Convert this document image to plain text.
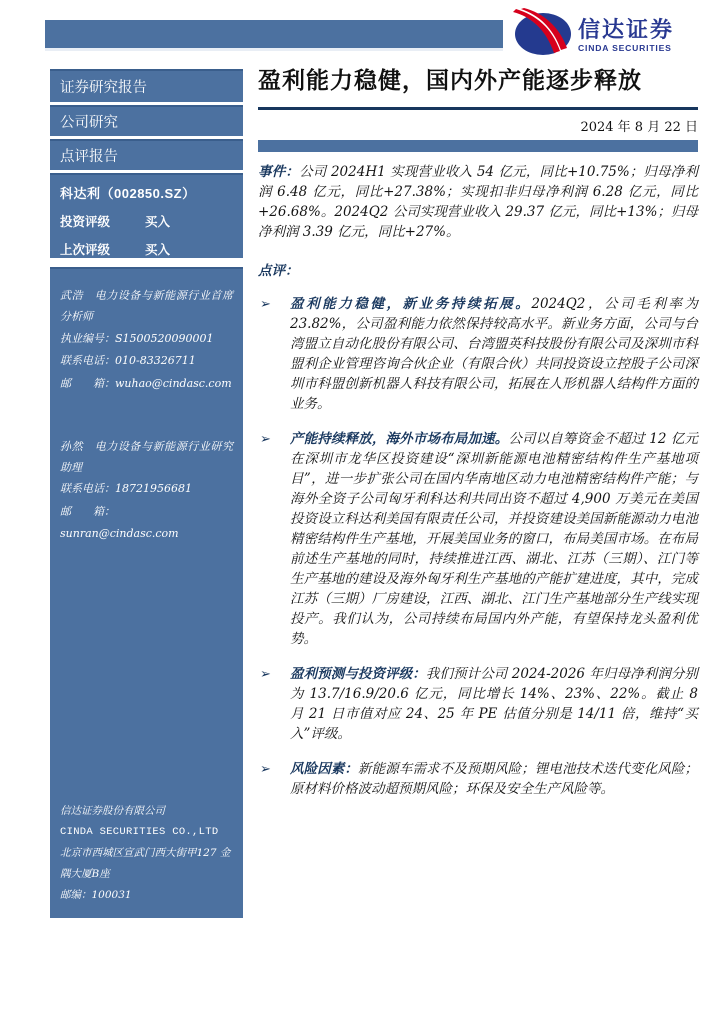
信达证券
CINDA SECURITIES
证券研究报告
公司研究
点评报告
科达利（002850.SZ）
投资评级	买入
上次评级	买入
武浩　电力设备与新能源行业首席分析师
执业编号：S1500520090001
联系电话：010-83326711
邮　　箱：wuhao@cindasc.com
孙然　电力设备与新能源行业研究助理
联系电话：18721956681
邮　　箱：sunran@cindasc.com
信达证券股份有限公司
CINDA SECURITIES CO.,LTD
北京市西城区宣武门西大街甲127 金隅大厦B座
邮编：100031
盈利能力稳健，国内外产能逐步释放
2024 年 8 月 22 日

事件：公司 2024H1 实现营业收入 54 亿元，同比+10.75%；归母净利润 6.48 亿元，同比+27.38%；实现扣非归母净利润 6.28 亿元，同比+26.68%。2024Q2 公司实现营业收入 29.37 亿元，同比+13%；归母净利润 3.39 亿元，同比+27%。

点评：
➢ 盈利能力稳健，新业务持续拓展。2024Q2，公司毛利率为 23.82%，公司盈利能力依然保持较高水平。新业务方面，公司与台湾盟立自动化股份有限公司、台湾盟英科技股份有限公司及深圳市科盟利企业管理咨询合伙企业（有限合伙）共同投资设立控股子公司深圳市科盟创新机器人科技有限公司，拓展在人形机器人结构件方面的业务。
➢ 产能持续释放，海外市场布局加速。公司以自筹资金不超过 12 亿元在深圳市龙华区投资建设“深圳新能源电池精密结构件生产基地项目”，进一步扩张公司在国内华南地区动力电池精密结构件产能；与海外全资子公司匈牙利科达利共同出资不超过 4,900 万美元在美国投资设立科达利美国有限责任公司，并投资建设美国新能源动力电池精密结构件生产基地，开展美国业务的窗口，布局美国市场。在布局前述生产基地的同时，持续推进江西、湖北、江苏（三期）、江门等生产基地的建设及海外匈牙利生产基地的产能扩建进度，其中，完成江苏（三期）厂房建设，江西、湖北、江门生产基地部分生产线实现投产。我们认为，公司持续布局国内外产能，有望保持龙头盈利优势。
➢ 盈利预测与投资评级：我们预计公司 2024-2026 年归母净利润分别为 13.7/16.9/20.6 亿元，同比增长 14%、23%、22%。截止 8 月 21 日市值对应 24、25 年 PE 估值分别是 14/11 倍，维持“买入”评级。
➢ 风险因素：新能源车需求不及预期风险；锂电池技术迭代变化风险；原材料价格波动超预期风险；环保及安全生产风险等。
